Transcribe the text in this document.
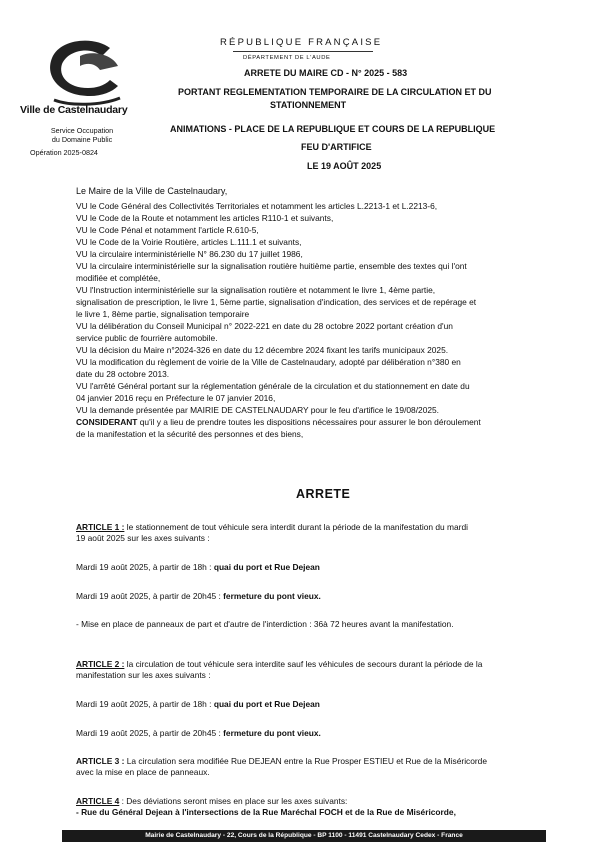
Ville de Castelnaudary
Service Occupation
du Domaine Public
Opération 2025-0824
RÉPUBLIQUE FRANÇAISE
DÉPARTEMENT DE L'AUDE
ARRETE DU MAIRE CD - N° 2025 - 583
PORTANT REGLEMENTATION TEMPORAIRE DE LA CIRCULATION ET DU
STATIONNEMENT
ANIMATIONS - PLACE DE LA REPUBLIQUE ET COURS DE LA REPUBLIQUE
FEU D'ARTIFICE
LE 19 AOÛT 2025
Le Maire de la Ville de Castelnaudary,
VU le Code Général des Collectivités Territoriales et notamment les articles L.2213-1 et L.2213-6,
VU le Code de la Route et notamment les articles R110-1 et suivants,
VU le Code Pénal et notamment l'article R.610-5,
VU le Code de la Voirie Routière, articles L.111.1 et suivants,
VU la circulaire interministérielle N° 86.230 du 17 juillet 1986,
VU la circulaire interministérielle sur la signalisation routière huitième partie, ensemble des textes qui l'ont
modifiée et complétée,
VU l'Instruction interministérielle sur la signalisation routière et notamment le livre 1, 4ème partie,
signalisation de prescription, le livre 1, 5ème partie, signalisation d'indication, des services et de repérage et
le livre 1, 8ème partie, signalisation temporaire
VU la délibération du Conseil Municipal n° 2022-221 en date du 28 octobre 2022 portant création d'un
service public de fourrière automobile.
VU la décision du Maire n°2024-326 en date du 12 décembre 2024 fixant les tarifs municipaux 2025.
VU la modification du règlement de voirie de la Ville de Castelnaudary, adopté par délibération n°380 en
date du 28 octobre 2013.
VU l'arrêté Général portant sur la réglementation générale de la circulation et du stationnement en date du
04 janvier 2016 reçu en Préfecture le 07 janvier 2016,
VU la demande présentée par MAIRIE DE CASTELNAUDARY pour le feu d'artifice le 19/08/2025.
CONSIDERANT qu'il y a lieu de prendre toutes les dispositions nécessaires pour assurer le bon déroulement
de la manifestation et la sécurité des personnes et des biens,
ARRETE
ARTICLE 1 : le stationnement de tout véhicule sera interdit durant la période de la manifestation du mardi
19 août 2025 sur les axes suivants :
Mardi 19 août 2025, à partir de 18h : quai du port et Rue Dejean
Mardi 19 août 2025, à partir de 20h45 : fermeture du pont vieux.
- Mise en place de panneaux de part et d'autre de l'interdiction : 36à 72 heures avant la manifestation.
ARTICLE 2 : la circulation de tout véhicule sera interdite sauf les véhicules de secours durant la période de la
manifestation sur les axes suivants :
Mardi 19 août 2025, à partir de 18h : quai du port et Rue Dejean
Mardi 19 août 2025, à partir de 20h45 : fermeture du pont vieux.
ARTICLE 3 : La circulation sera modifiée Rue DEJEAN entre la Rue Prosper ESTIEU et Rue de la Miséricorde
avec la mise en place de panneaux.
ARTICLE 4 : Des déviations seront mises en place sur les axes suivants:
- Rue du Général Dejean à l'intersections de la Rue Maréchal FOCH et de la Rue de Miséricorde,
Mairie de Castelnaudary - 22, Cours de la République - BP 1100 - 11491 Castelnaudary Cedex - France
